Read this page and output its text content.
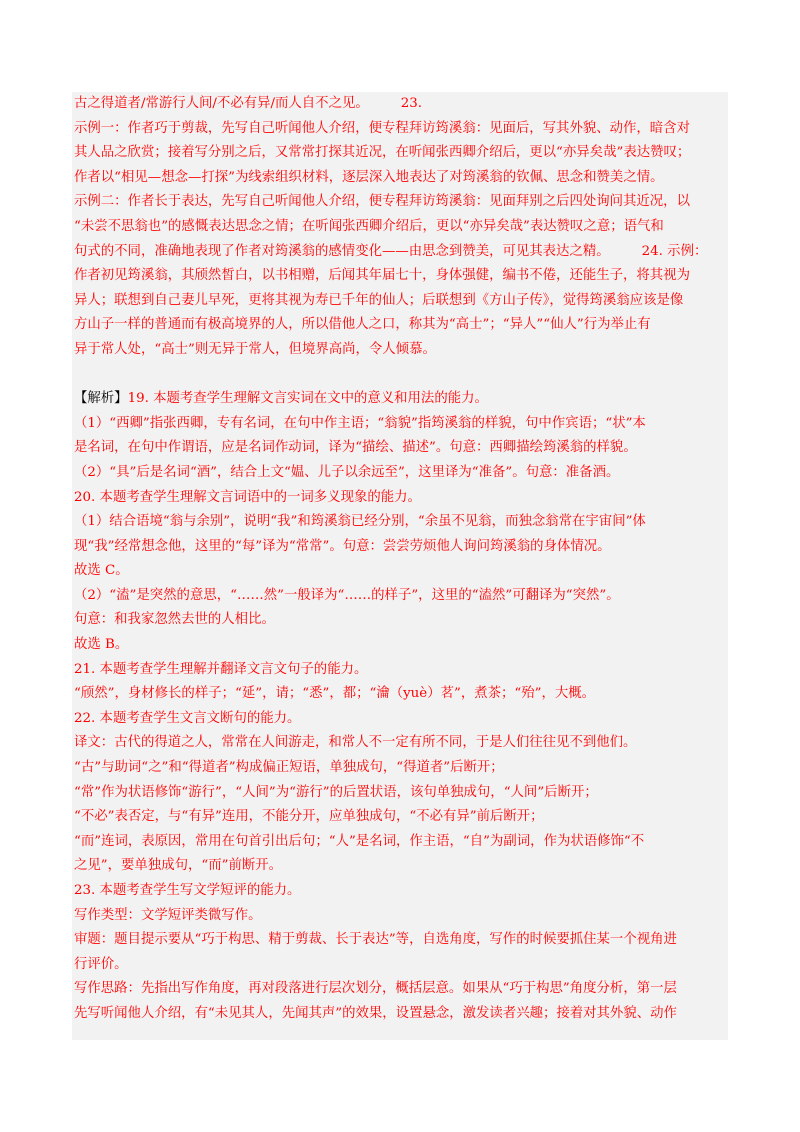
古之得道者/常游行人间/不必有异/而人自不之见。 23.

示例一：作者巧于剪裁，先写自己听闻他人介绍，便专程拜访筠溪翁：见面后，写其外貌、动作，暗含对

其人品之欣赏；接着写分别之后，又常常打探其近况，在听闻张西卿介绍后，更以“亦异矣哉”表达赞叹；

作者以“相见—想念—打探”为线索组织材料，逐层深入地表达了对筠溪翁的钦佩、思念和赞美之情。

示例二：作者长于表达，先写自己听闻他人介绍，便专程拜访筠溪翁：见面拜别之后四处询问其近况，以

“未尝不思翁也”的感慨表达思念之情；在听闻张西卿介绍后，更以“亦异矣哉”表达赞叹之意；语气和

句式的不同，准确地表现了作者对筠溪翁的感情变化——由思念到赞美，可见其表达之精。 24. 示例：

作者初见筠溪翁，其颀然皙白，以书相赠，后闻其年届七十，身体强健，编书不倦，还能生子，将其视为

异人；联想到自己妻儿早死，更将其视为寿已千年的仙人；后联想到《方山子传》，觉得筠溪翁应该是像

方山子一样的普通而有极高境界的人，所以借他人之口，称其为“高士”；“异人”“仙人”行为举止有

异于常人处，“高士”则无异于常人，但境界高尚，令人倾慕。

【解析】19. 本题考查学生理解文言实词在文中的意义和用法的能力。

（1）“西卿”指张西卿，专有名词，在句中作主语；“翁貌”指筠溪翁的样貌，句中作宾语；“状”本

是名词，在句中作谓语，应是名词作动词，译为“描绘、描述”。句意：西卿描绘筠溪翁的样貌。

（2）“具”后是名词“酒”，结合上文“媪、儿子以余远至”，这里译为“准备”。句意：准备酒。

20. 本题考查学生理解文言词语中的一词多义现象的能力。

（1）结合语境“翁与余别”，说明“我”和筠溪翁已经分别，“余虽不见翁，而独念翁常在宇宙间”体

现“我”经常想念他，这里的“每”译为“常常”。句意：尝尝劳烦他人询问筠溪翁的身体情况。

故选 C。

（2）“溘”是突然的意思，“……然”一般译为“……的样子”，这里的“溘然”可翻译为“突然”。

句意：和我家忽然去世的人相比。

故选 B。

21. 本题考查学生理解并翻译文言文句子的能力。

“颀然”，身材修长的样子；“延”，请；“悉”，都；“瀹（yuè）茗”，煮茶；“殆”，大概。

22. 本题考查学生文言文断句的能力。

译文：古代的得道之人，常常在人间游走，和常人不一定有所不同，于是人们往往见不到他们。

“古”与助词“之”和“得道者”构成偏正短语，单独成句，“得道者”后断开；

“常”作为状语修饰“游行”，“人间”为“游行”的后置状语，该句单独成句，“人间”后断开；

“不必”表否定，与“有异”连用，不能分开，应单独成句，“不必有异”前后断开；

“而”连词，表原因，常用在句首引出后句；“人”是名词，作主语，“自”为副词，作为状语修饰“不

之见”，要单独成句，“而”前断开。

23. 本题考查学生写文学短评的能力。

写作类型：文学短评类微写作。

审题：题目提示要从“巧于构思、精于剪裁、长于表达”等，自选角度，写作的时候要抓住某一个视角进

行评价。

写作思路：先指出写作角度，再对段落进行层次划分，概括层意。如果从“巧于构思”角度分析，第一层

先写听闻他人介绍，有“未见其人，先闻其声”的效果，设置悬念，激发读者兴趣；接着对其外貌、动作
